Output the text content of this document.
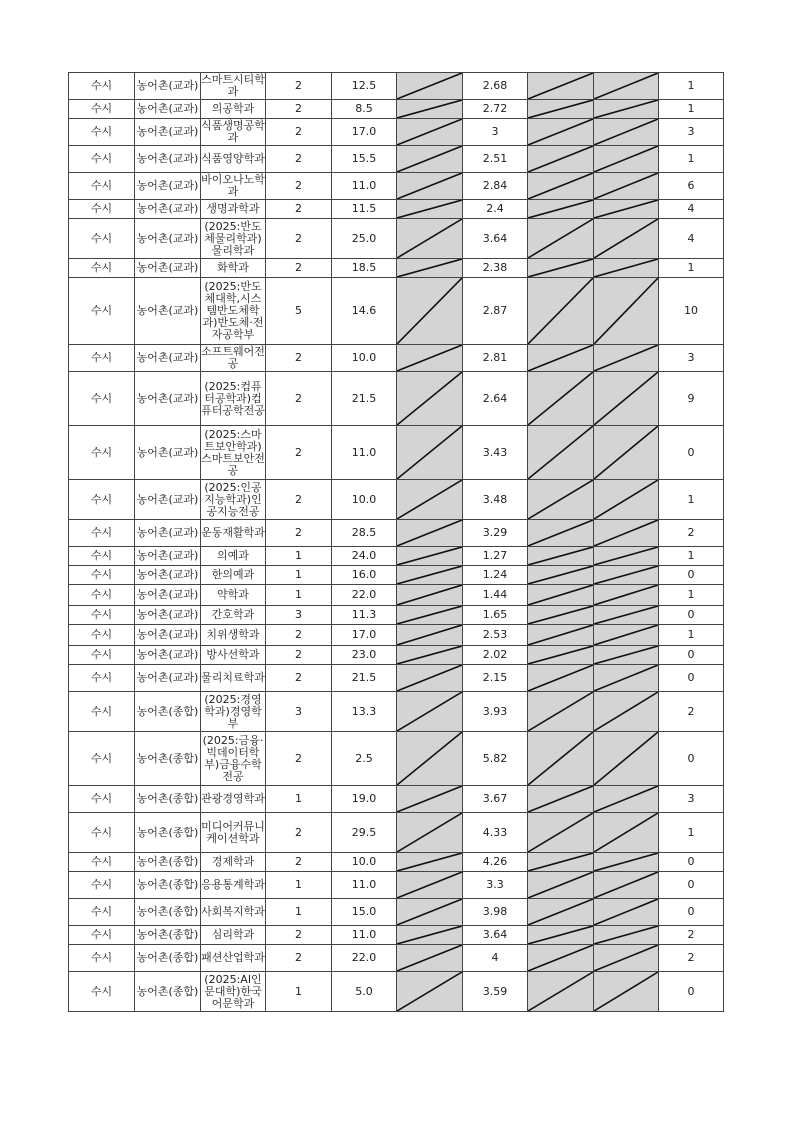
수시	농어촌(교과)	스마트시티학과	2	12.5		2.68			1
수시	농어촌(교과)	의공학과	2	8.5		2.72			1
수시	농어촌(교과)	식품생명공학과	2	17.0		3			3
수시	농어촌(교과)	식품영양학과	2	15.5		2.51			1
수시	농어촌(교과)	바이오나노학과	2	11.0		2.84			6
수시	농어촌(교과)	생명과학과	2	11.5		2.4			4
수시	농어촌(교과)	(2025:반도체물리학과)물리학과	2	25.0		3.64			4
수시	농어촌(교과)	화학과	2	18.5		2.38			1
수시	농어촌(교과)	(2025:반도체대학,시스템반도체학과)반도체·전자공학부	5	14.6		2.87			10
수시	농어촌(교과)	소프트웨어전공	2	10.0		2.81			3
수시	농어촌(교과)	(2025:컴퓨터공학과)컴퓨터공학전공	2	21.5		2.64			9
수시	농어촌(교과)	(2025:스마트보안학과)스마트보안전공	2	11.0		3.43			0
수시	농어촌(교과)	(2025:인공지능학과)인공지능전공	2	10.0		3.48			1
수시	농어촌(교과)	운동재활학과	2	28.5		3.29			2
수시	농어촌(교과)	의예과	1	24.0		1.27			1
수시	농어촌(교과)	한의예과	1	16.0		1.24			0
수시	농어촌(교과)	약학과	1	22.0		1.44			1
수시	농어촌(교과)	간호학과	3	11.3		1.65			0
수시	농어촌(교과)	치위생학과	2	17.0		2.53			1
수시	농어촌(교과)	방사선학과	2	23.0		2.02			0
수시	농어촌(교과)	물리치료학과	2	21.5		2.15			0
수시	농어촌(종합)	(2025:경영학과)경영학부	3	13.3		3.93			2
수시	농어촌(종합)	(2025:금융·빅데이터학부)금융수학전공	2	2.5		5.82			0
수시	농어촌(종합)	관광경영학과	1	19.0		3.67			3
수시	농어촌(종합)	미디어커뮤니케이션학과	2	29.5		4.33			1
수시	농어촌(종합)	경제학과	2	10.0		4.26			0
수시	농어촌(종합)	응용통계학과	1	11.0		3.3			0
수시	농어촌(종합)	사회복지학과	1	15.0		3.98			0
수시	농어촌(종합)	심리학과	2	11.0		3.64			2
수시	농어촌(종합)	패션산업학과	2	22.0		4			2
수시	농어촌(종합)	(2025:AI인문대학)한국어문학과	1	5.0		3.59			0
